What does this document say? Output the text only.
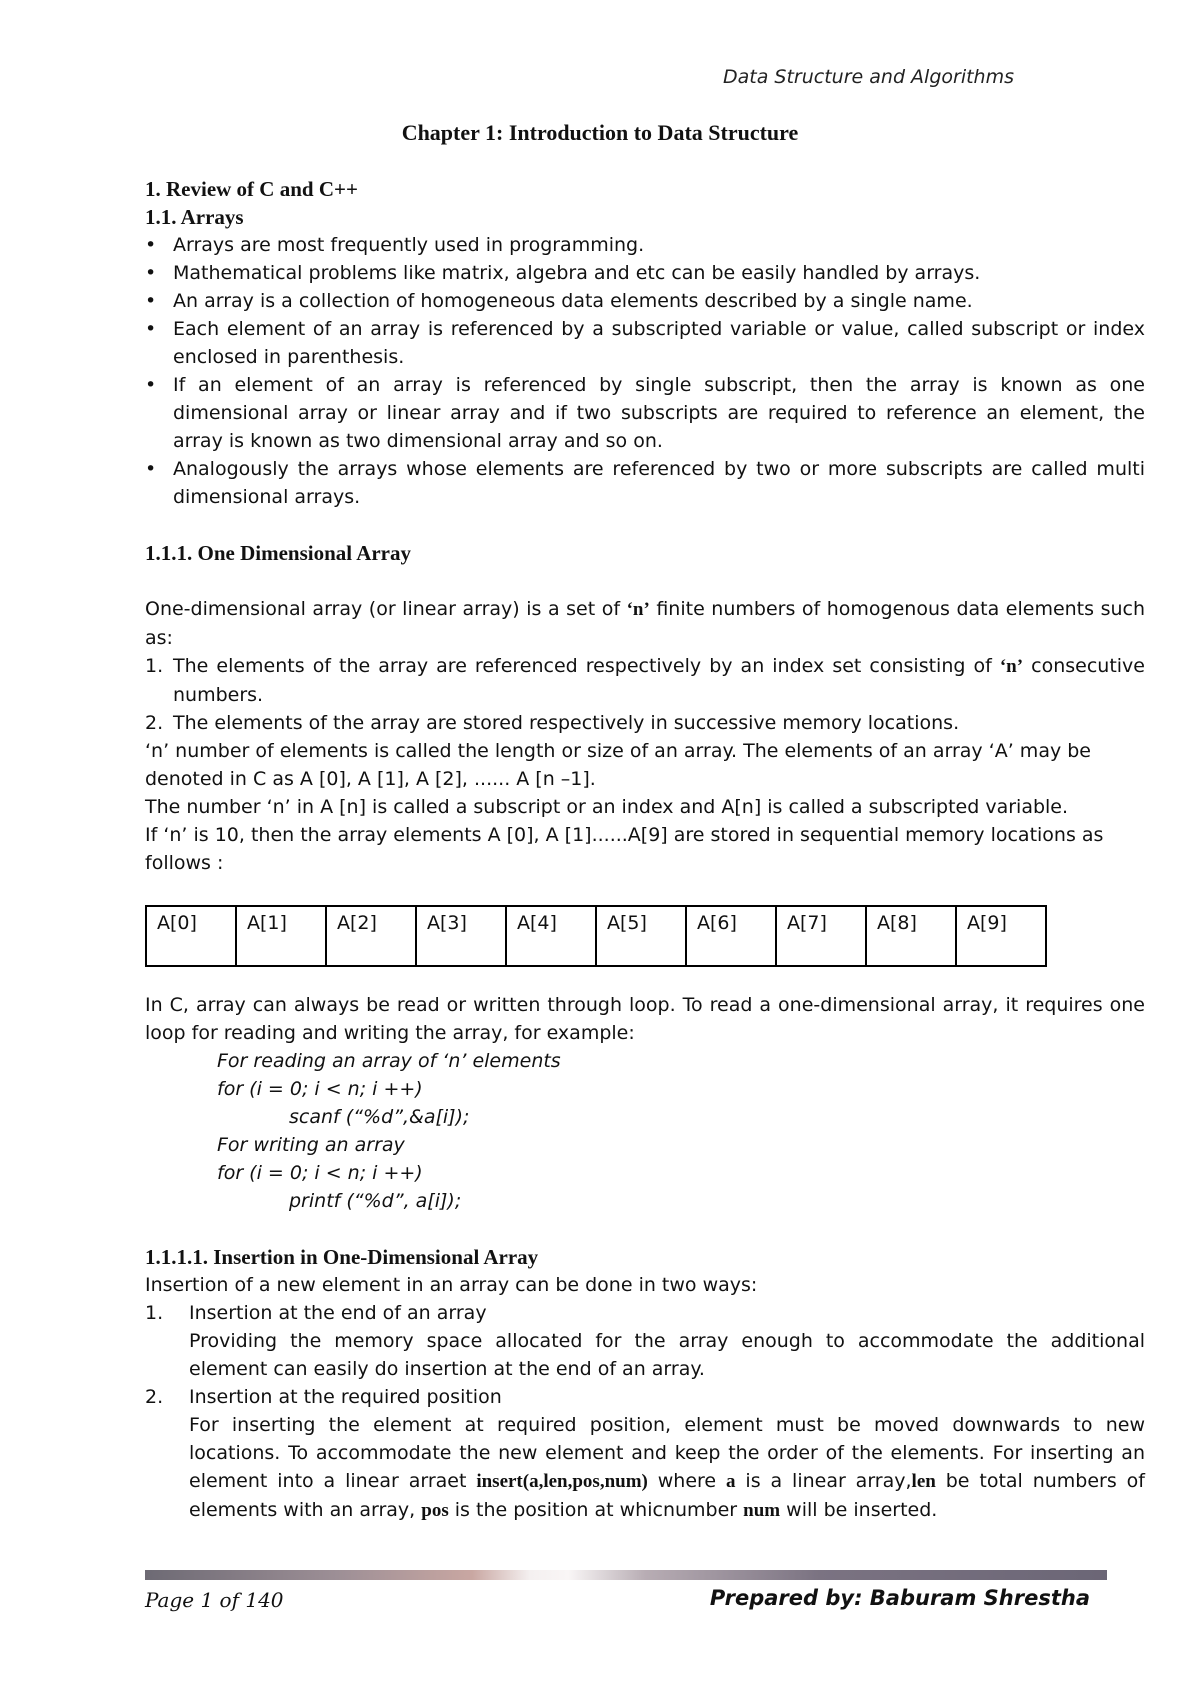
Data Structure and Algorithms
Chapter 1: Introduction to Data Structure
1. Review of C and C++
1.1. Arrays
• Arrays are most frequently used in programming.
• Mathematical problems like matrix, algebra and etc can be easily handled by arrays.
• An array is a collection of homogeneous data elements described by a single name.
• Each element of an array is referenced by a subscripted variable or value, called subscript or index enclosed in parenthesis.
• If an element of an array is referenced by single subscript, then the array is known as one dimensional array or linear array and if two subscripts are required to reference an element, the array is known as two dimensional array and so on.
• Analogously the arrays whose elements are referenced by two or more subscripts are called multi dimensional arrays.
1.1.1. One Dimensional Array
One-dimensional array (or linear array) is a set of ‘n’ finite numbers of homogenous data elements such as:
1. The elements of the array are referenced respectively by an index set consisting of ‘n’ consecutive numbers.
2. The elements of the array are stored respectively in successive memory locations.
‘n’ number of elements is called the length or size of an array. The elements of an array ‘A’ may be denoted in C as A [0], A [1], A [2], ...... A [n –1].
The number ‘n’ in A [n] is called a subscript or an index and A[n] is called a subscripted variable.
If ‘n’ is 10, then the array elements A [0], A [1]......A[9] are stored in sequential memory locations as follows :
A[0]	A[1]	A[2]	A[3]	A[4]	A[5]	A[6]	A[7]	A[8]	A[9]
In C, array can always be read or written through loop. To read a one-dimensional array, it requires one loop for reading and writing the array, for example:
For reading an array of ‘n’ elements
for (i = 0; i < n; i ++)
scanf (“%d”,&a[i]);
For writing an array
for (i = 0; i < n; i ++)
printf (“%d”, a[i]);
1.1.1.1. Insertion in One-Dimensional Array
Insertion of a new element in an array can be done in two ways:
1. Insertion at the end of an array
Providing the memory space allocated for the array enough to accommodate the additional element can easily do insertion at the end of an array.
2. Insertion at the required position
For inserting the element at required position, element must be moved downwards to new locations. To accommodate the new element and keep the order of the elements. For inserting an element into a linear arraet insert(a,len,pos,num) where a is a linear array,len be total numbers of elements with an array, pos is the position at whicnumber num will be inserted.
Page 1 of 140	Prepared by: Baburam Shrestha
